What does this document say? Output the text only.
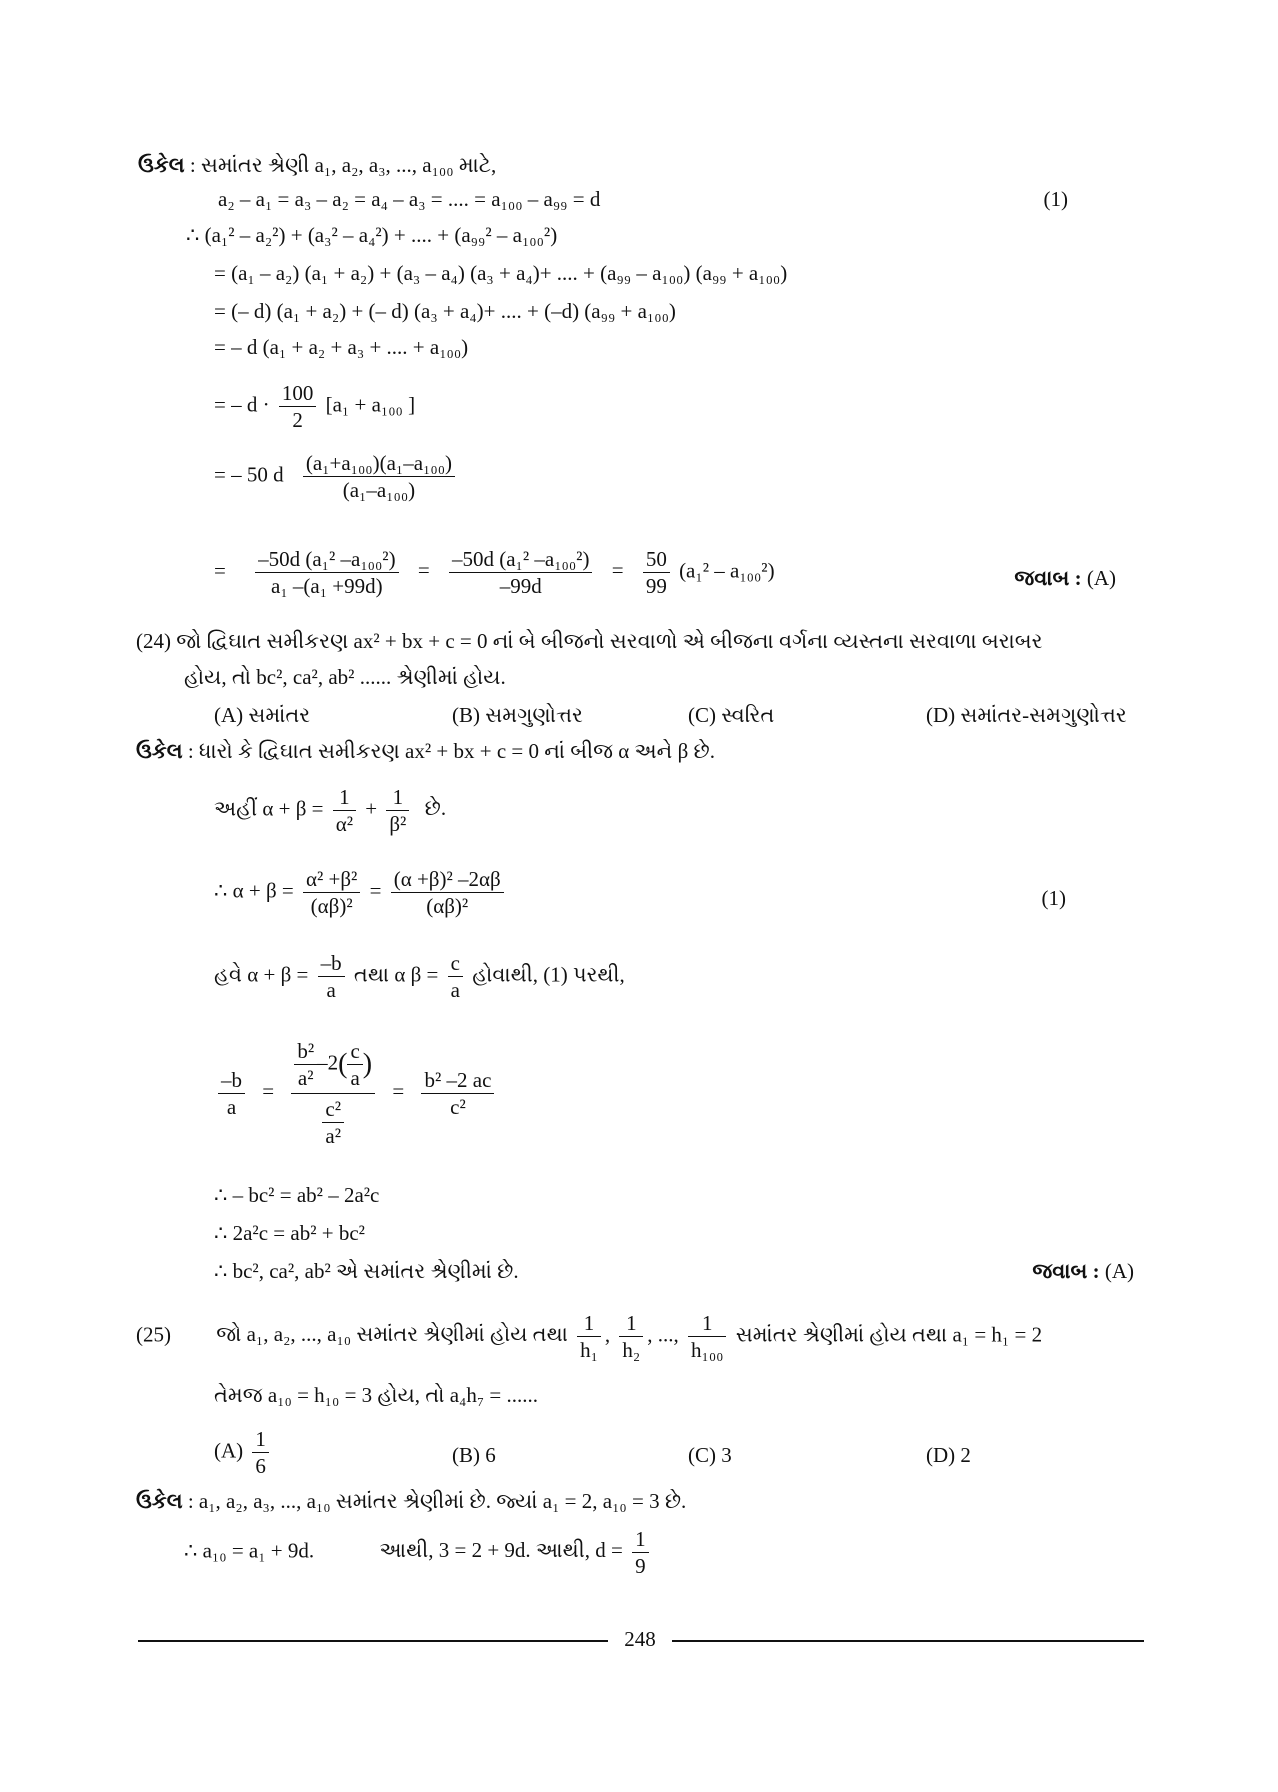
ઉકેલ : સમાંતર શ્રેણી a₁, a₂, a₃, ..., a₁₀₀ માટે,
a₂ – a₁ = a₃ – a₂ = a₄ – a₃ = .... = a₁₀₀ – a₉₉ = d	(1)
∴ (a₁² – a₂²) + (a₃² – a₄²) + .... + (a₉₉² – a₁₀₀²)
= (a₁ – a₂) (a₁ + a₂) + (a₃ – a₄) (a₃ + a₄)+ .... + (a₉₉ – a₁₀₀) (a₉₉ + a₁₀₀)
= (– d) (a₁ + a₂) + (– d) (a₃ + a₄)+ .... + (–d) (a₉₉ + a₁₀₀)
= – d (a₁ + a₂ + a₃ + .... + a₁₀₀)
= – $d \cdot \frac{100}{2} [a_1 + a_{100}$ ]
= – 50 d $\frac{\text{(a₁+a₁₀₀)(a₁–a₁₀₀)}}{\text{(a₁–a₁₀₀)}}$
= $\frac{\text{–50d (a₁² –a₁₀₀²)}}{\text{a₁ –(a₁ +99d)}} = \frac{\text{–50d (a₁² –a₁₀₀²)}}{-99d} = \frac{50}{99} (a_1^2 - a_{100}^2)$	જવાબ : (A)
(24) જો દ્વિઘાત સમીકરણ ax² + bx + c = 0 નાં બે બીજનો સરવાળો એ બીજના વર્ગના વ્યસ્તના સરવાળા બરાબર
હોય, તો bc², ca², ab² ...... શ્રેણીમાં હોય.
(A) સમાંતર	(B) સમગુણોત્તર	(C) સ્વરિત	(D) સમાંતર-સમગુણોત્તર
ઉકેલ : ધારો કે દ્વિઘાત સમીકરણ ax² + bx + c = 0 નાં બીજ α અને β છે.
અહીં $\alpha + \beta = \frac{1}{\text{α²}} + \frac{1}{\text{β²}}$ છે.
∴ $\alpha + \beta = \frac{\text{α² +β²}}{\text{(αβ)²}} = \frac{\text{(α +β)² –2αβ}}{\text{(αβ)²}}$	(1)
હવે $\alpha + \beta = \frac{-b}{a}$ તથા α $\beta = \frac{c}{a}$ હોવાથી, (1) પરથી,
$\frac{-b}{a} = \frac{\frac{\text{b²}}{\text{a²}} -2( \frac{c}{a} )}{\frac{\text{c²}}{\text{a²}}} = \frac{\text{b² –2 ac}}{\text{c²}}$
∴ – bc² = ab² – 2a²c
∴ 2a²c = ab² + bc²
∴ bc², ca², ab² એ સમાંતર શ્રેણીમાં છે.	જવાબ : (A)
(25) જો a₁, a₂, ..., a₁₀ સમાંતર શ્રેણીમાં હોય તથા $\frac{1}{\text{h₁}}$ , $\frac{1}{\text{h₂}}$ , ..., $\frac{1}{\text{h₁₀₀}}$ સમાંતર શ્રેણીમાં હોય તથા a₁ = h₁ = 2
તેમજ a₁₀ = h₁₀ = 3 હોય, તો a₄h₇ = ......
$(A) \frac{1}{6}$	(B) 6	(C) 3	(D) 2
ઉકેલ : a₁, a₂, a₃, ..., a₁₀ સમાંતર શ્રેણીમાં છે. જ્યાં a₁ = 2, a₁₀ = 3 છે.
∴ a₁₀ = a₁ + 9d.	આથી, 3 = 2 + 9d. આથી, $d = \frac{1}{9}$
248
